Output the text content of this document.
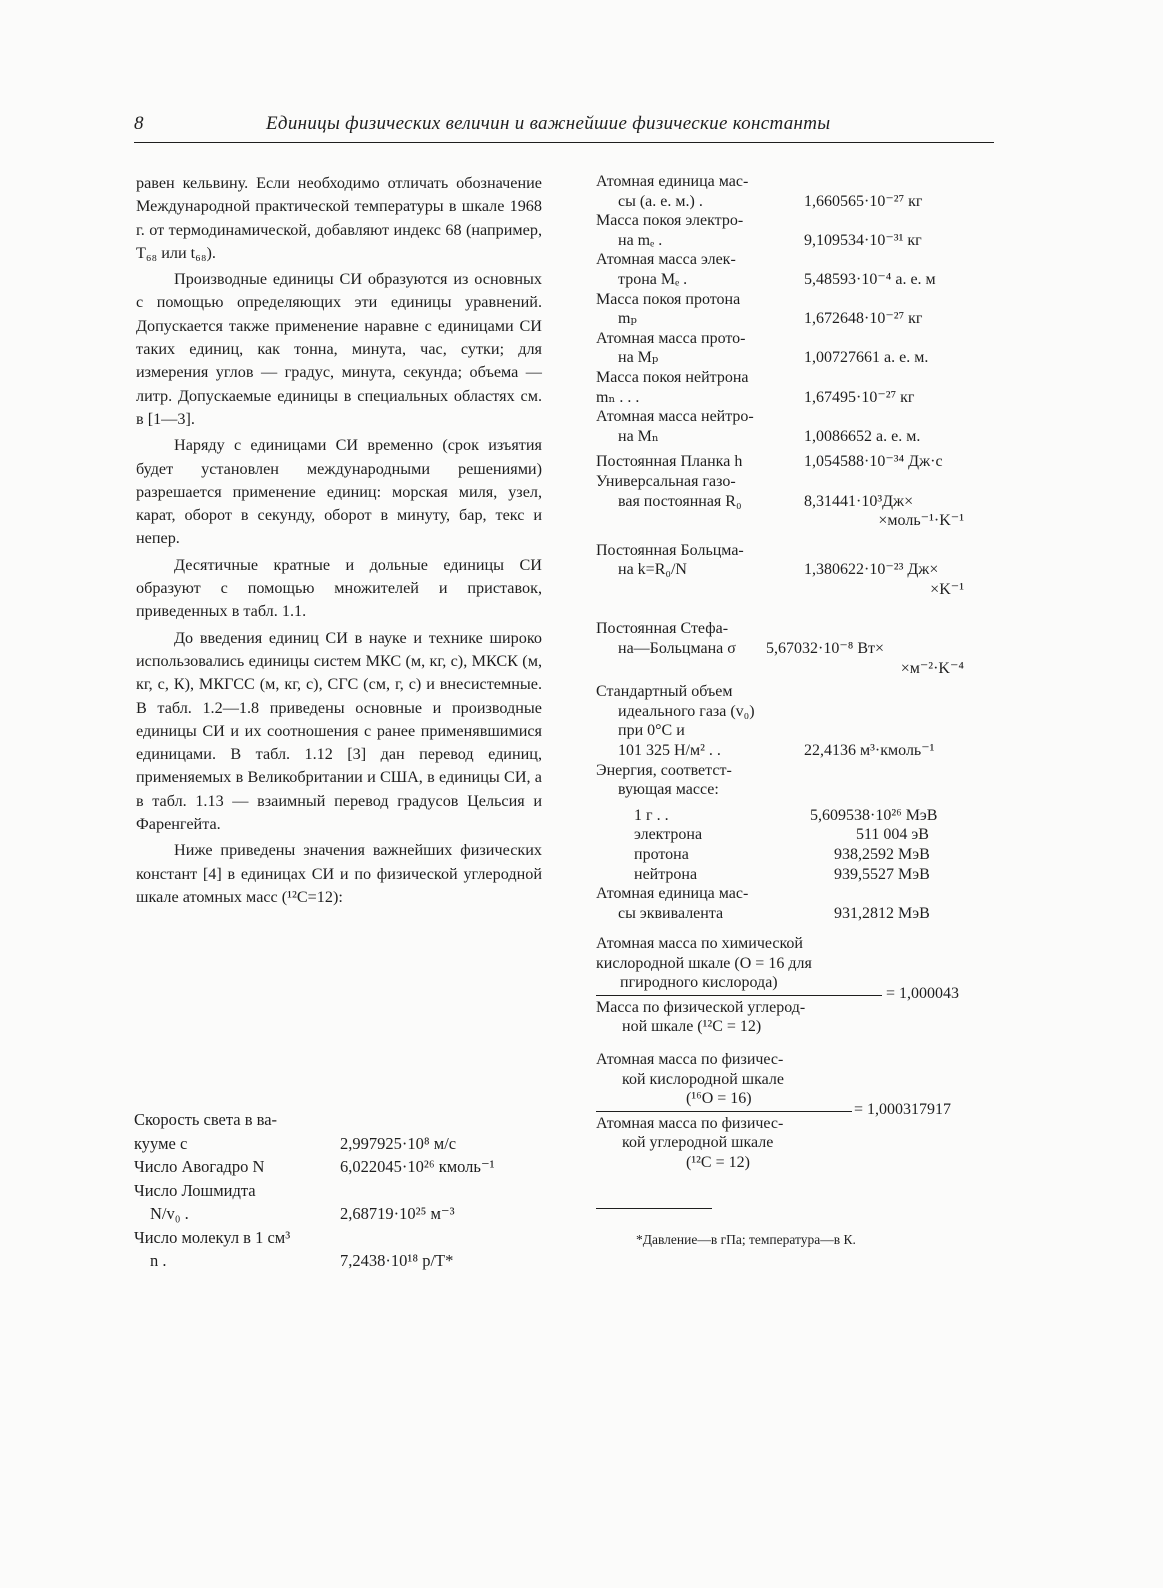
8	Единицы физических величин и важнейшие физические константы

равен кельвину. Если необходимо отличать обозначение Международной практической температуры в шкале 1968 г. от термодинамической, добавляют индекс 68 (например, T₆₈ или t₆₈).

Производные единицы СИ образуются из основных с помощью определяющих эти единицы уравнений. Допускается также применение наравне с единицами СИ таких единиц, как тонна, минута, час, сутки; для измерения углов — градус, минута, секунда; объема — литр. Допускаемые единицы в специальных областях см. в [1—3].

Наряду с единицами СИ временно (срок изъятия будет установлен международными решениями) разрешается применение единиц: морская миля, узел, карат, оборот в секунду, оборот в минуту, бар, текс и непер.

Десятичные кратные и дольные единицы СИ образуют с помощью множителей и приставок, приведенных в табл. 1.1.

До введения единиц СИ в науке и технике широко использовались единицы систем МКС (м, кг, с), МКСК (м, кг, с, К), МКГСС (м, кг, с), СГС (см, г, с) и внесистемные. В табл. 1.2—1.8 приведены основные и производные единицы СИ и их соотношения с ранее применявшимися единицами. В табл. 1.12 [3] дан перевод единиц, применяемых в Великобритании и США, в единицы СИ, а в табл. 1.13 — взаимный перевод градусов Цельсия и Фаренгейта.

Ниже приведены значения важнейших физических констант [4] в единицах СИ и по физической углеродной шкале атомных масс (¹²C=12):

Скорость света в ва-
кууме c	2,997925·10⁸ м/с
Число Авогадро N	6,022045·10²⁶ кмоль⁻¹
Число Лошмидта
N/v₀ .	2,68719·10²⁵ м⁻³
Число молекул в 1 см³
n .	7,2438·10¹⁸ p/T*
Атомная единица мас-
сы (а. е. м.) .	1,660565·10⁻²⁷ кг
Масса покоя электро-
на mₑ .	9,109534·10⁻³¹ кг
Атомная масса элек-
трона Mₑ .	5,48593·10⁻⁴ а. е. м
Масса покоя протона
mₚ	1,672648·10⁻²⁷ кг
Атомная масса прото-
на Mₚ	1,00727661 а. е. м.
Масса покоя нейтрона
mₙ . . .	1,67495·10⁻²⁷ кг
Атомная масса нейтро-
на Mₙ	1,0086652 а. е. м.
Постоянная Планка h	1,054588·10⁻³⁴ Дж·с
Универсальная газо-
вая постоянная R₀	8,31441·10³Дж×
×моль⁻¹·K⁻¹
Постоянная Больцма-
на k=R₀/N	1,380622·10⁻²³ Дж×
×K⁻¹
Постоянная Стефа-
на—Больцмана σ	5,67032·10⁻⁸ Вт×
×м⁻²·K⁻⁴
Стандартный объем
идеального газа (v₀)
при 0°C и
101 325 Н/м² . .	22,4136 м³·кмоль⁻¹
Энергия, соответст-
вующая массе:
1 г . .	5,609538·10²⁶ МэВ
электрона	511 004 эВ
протона	938,2592 МэВ
нейтрона	939,5527 МэВ
Атомная единица мас-
сы эквивалента	931,2812 МэВ
Атомная масса по химической
кислородной шкале (O = 16 для
пгиродного кислорода)
Масса по физической углерод-
ной шкале (¹²C = 12)
= 1,000043
Атомная масса по физичес-
кой кислородной шкале
(¹⁶O = 16)
Атомная масса по физичес-
кой углеродной шкале
(¹²C = 12)
= 1,000317917
*Давление—в гПа; температура—в К.
